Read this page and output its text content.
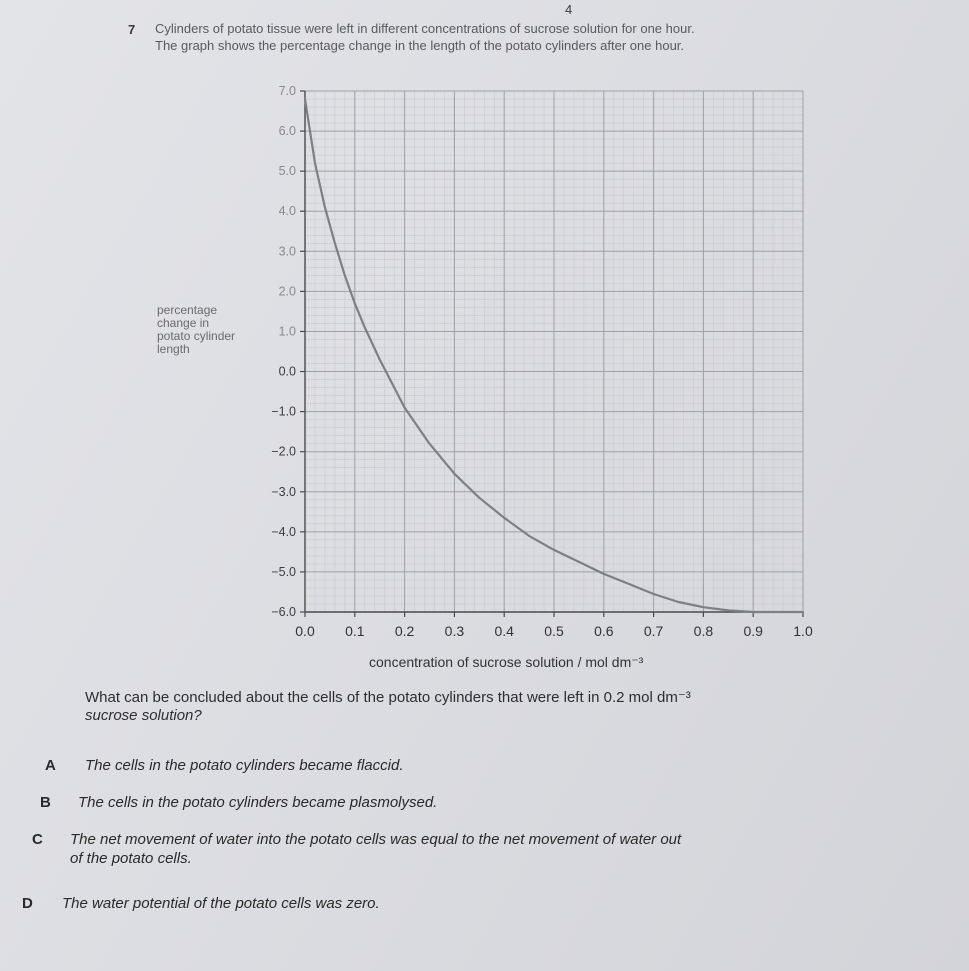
4
7 Cylinders of potato tissue were left in different concentrations of sucrose solution for one hour.
The graph shows the percentage change in the length of the potato cylinders after one hour.
percentage
change in
potato cylinder
length
0.0 0.1 0.2 0.3 0.4 0.5 0.6 0.7 0.8 0.9 1.0
7.0
6.0
5.0
4.0
3.0
2.0
1.0
0.0
−1.0
−2.0
−3.0
−4.0
−5.0
−6.0
concentration of sucrose solution / mol dm⁻³
What can be concluded about the cells of the potato cylinders that were left in 0.2 mol dm⁻³
sucrose solution?
A The cells in the potato cylinders became flaccid.
B The cells in the potato cylinders became plasmolysed.
C The net movement of water into the potato cells was equal to the net movement of water out
of the potato cells.
D The water potential of the potato cells was zero.
